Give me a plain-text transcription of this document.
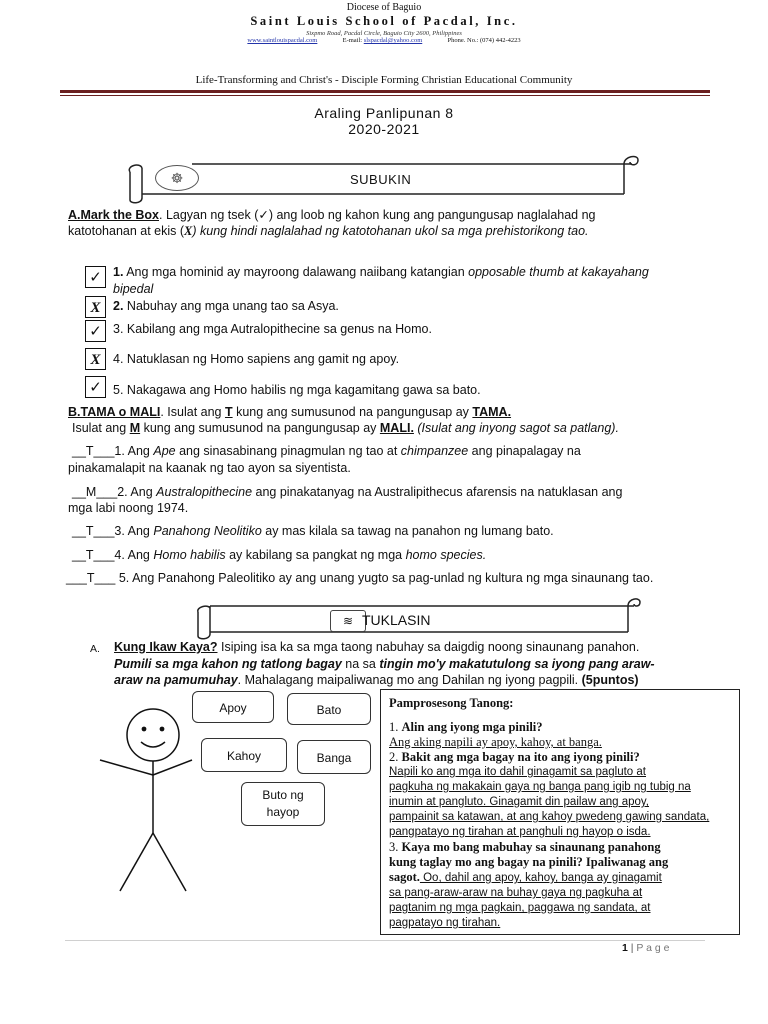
Diocese of Baguio
Saint Louis School of Pacdal, Inc.
Sixpmo Road, Pacdal Circle, Baguio City 2600, Philippines
www.saintlouispacdal.com	E-mail: slspacdal@yahoo.com	Phone. No.: (074) 442-4223
Life-Transforming and Christ's - Disciple Forming Christian Educational Community
Araling Panlipunan 8
2020-2021
☸	SUBUKIN
A.Mark the Box. Lagyan ng tsek (✓) ang loob ng kahon kung ang pangungusap naglalahad ng
katotohanan at ekis (X) kung hindi naglalahad ng katotohanan ukol sa mga prehistorikong tao.
✓ 1. Ang mga hominid ay mayroong dalawang naiibang katangian opposable thumb at kakayahang bipedal
X	2. Nabuhay ang mga unang tao sa Asya.
✓ 3. Kabilang ang mga Autralopithecine sa genus na Homo.
X	4. Natuklasan ng Homo sapiens ang gamit ng apoy.
✓ 5. Nakagawa ang Homo habilis ng mga kagamitang gawa sa bato.
B.TAMA o MALI. Isulat ang T kung ang sumusunod na pangungusap ay TAMA.
Isulat ang M kung ang sumusunod na pangungusap ay MALI. (Isulat ang inyong sagot sa patlang).
__T___1. Ang Ape ang sinasabinang pinagmulan ng tao at chimpanzee ang pinapalagay na
pinakamalapit na kaanak ng tao ayon sa siyentista.
__M___2. Ang Australopithecine ang pinakatanyag na Australipithecus afarensis na natuklasan ang
mga labi noong 1974.
__T___3. Ang Panahong Neolitiko ay mas kilala sa tawag na panahon ng lumang bato.
__T___4. Ang Homo habilis ay kabilang sa pangkat ng mga homo species.
___T___ 5. Ang Panahong Paleolitiko ay ang unang yugto sa pag-unlad ng kultura ng mga sinaunang tao.
≋ TUKLASIN
A. Kung Ikaw Kaya? Isiping isa ka sa mga taong nabuhay sa daigdig noong sinaunang panahon.
Pumili sa mga kahon ng tatlong bagay na sa tingin mo'y makatutulong sa iyong pang araw-
araw na pamumuhay. Mahalagang maipaliwanag mo ang Dahilan ng iyong pagpili. (5puntos)
Apoy	Bato
Kahoy	Banga
Buto ng hayop

Pamprosesong Tanong:

1. Alin ang iyong mga pinili?

Ang aking napili ay apoy, kahoy, at banga.

2. Bakit ang mga bagay na ito ang iyong pinili?

Napili ko ang mga ito dahil ginagamit sa pagluto at

pagkuha ng makakain gaya ng banga pang igib ng tubig na

inumin at pangluto. Ginagamit din pailaw ang apoy,

pampainit sa katawan, at ang kahoy pwedeng gawing sandata,

pangpatayo ng tirahan at panghuli ng hayop o isda.

3. Kaya mo bang mabuhay sa sinaunang panahong

kung taglay mo ang bagay na pinili? Ipaliwanag ang

sagot. Oo, dahil ang apoy, kahoy, banga ay ginagamit

sa pang-araw-araw na buhay gaya ng pagkuha at

pagtanim ng mga pagkain, paggawa ng sandata, at

pagpatayo ng tirahan.

1 | P a g e
